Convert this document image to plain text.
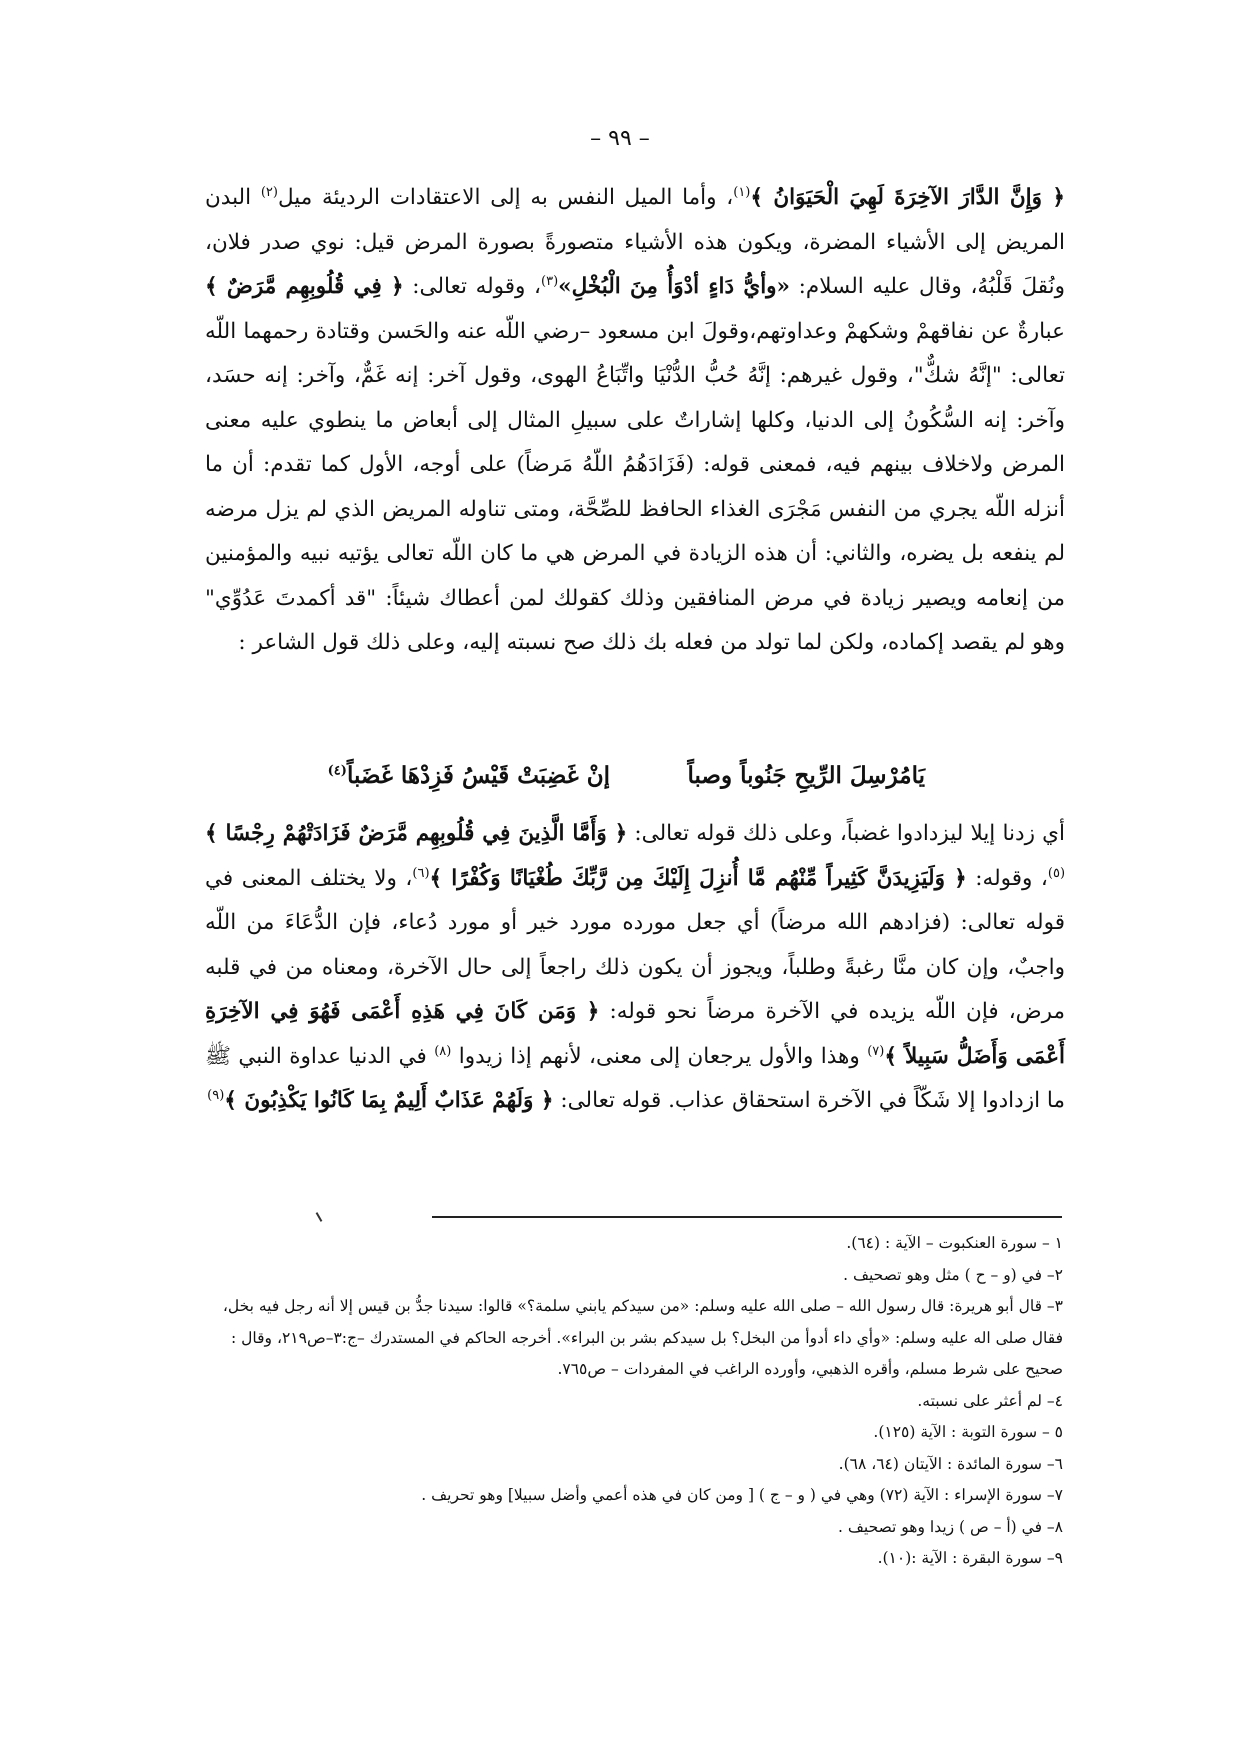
– ٩٩ –
﴿ وَإِنَّ الدَّارَ الآخِرَةَ لَهِيَ الْحَيَوَانُ ﴾$^{(١)}$، وأما الميل النفس به إلى الاعتقادات الرديئة ميل$^{(٢)}$ البدن المريض إلى الأشياء المضرة، ويكون هذه الأشياء متصورةً بصورة المرض قيل: نوي صدر فلان، ونُقلَ قَلْبُهُ، وقال عليه السلام: «وأيُّ دَاءٍ أدْوَأُ مِنَ الْبُخْلِ»$^{(٣)}$، وقوله تعالى: ﴿ فِي قُلُوبِهِم مَّرَضٌ ﴾ عبارةٌ عن نفاقهمْ وشكهمْ وعداوتهم،وقولَ ابن مسعود –رضي اللّه عنه والحَسن وقتادة رحمهما اللّه تعالى: "إنَّهُ شكٌّ"، وقول غيرهم: إنَّهُ حُبُّ الدُّنْيَا واتِّبَاعُ الهوى، وقول آخر: إنه غَمٌّ، وآخر: إنه حسَد، وآخر: إنه السُّكُونُ إلى الدنيا، وكلها إشاراتٌ على سبيلِ المثال إلى أبعاض ما ينطوي عليه معنى المرض ولاخلاف بينهم فيه، فمعنى قوله: (فَزَادَهُمُ اللّهُ مَرضاً) على أوجه، الأول كما تقدم: أن ما أنزله اللّه يجري من النفس مَجْرَى الغذاء الحافظ للصِّحَّة، ومتى تناوله المريض الذي لم يزل مرضه لم ينفعه بل يضره، والثاني: أن هذه الزيادة في المرض هي ما كان اللّه تعالى يؤتيه نبيه والمؤمنين من إنعامه ويصير زيادة في مرض المنافقين وذلك كقولك لمن أعطاك شيئاً: "قد أكمدتَ عَدُوِّي" وهو لم يقصد إكماده، ولكن لما تولد من فعله بك ذلك صح نسبته إليه، وعلى ذلك قول الشاعر :
يَامُرْسِلَ الرِّيحِ جَنُوباً وصباً
إنْ غَضِبَتْ قَيْسُ فَزِدْهَا غَضَباً$^{(٤)}$
أي زدنا إيلا ليزدادوا غضباً، وعلى ذلك قوله تعالى: ﴿ وَأَمَّا الَّذِينَ فِي قُلُوبِهِم مَّرَضٌ فَزَادَتْهُمْ رِجْسًا ﴾$^{(٥)}$، وقوله: ﴿ وَلَيَزِيدَنَّ كَثِيراً مِّنْهُم مَّا أُنزِلَ إِلَيْكَ مِن رَّبِّكَ طُغْيَانًا وَكُفْرًا ﴾$^{(٦)}$، ولا يختلف المعنى في قوله تعالى: (فزادهم الله مرضاً) أي جعل مورده مورد خير أو مورد دُعاء، فإن الدُّعَاءَ من اللّه واجبٌ، وإن كان منَّا رغبةً وطلباً، ويجوز أن يكون ذلك راجعاً إلى حال الآخرة، ومعناه من في قلبه مرض، فإن اللّه يزيده في الآخرة مرضاً نحو قوله: ﴿ وَمَن كَانَ فِي هَذِهِ أَعْمَى فَهُوَ فِي الآخِرَةِ أَعْمَى وَأَضَلُّ سَبِيلاً ﴾$^{(٧)}$ وهذا والأول يرجعان إلى معنى، لأنهم إذا زيدوا $^{(٨)}$ في الدنيا عداوة النبي ﷺ ما ازدادوا إلا شَكّاً في الآخرة استحقاق عذاب. قوله تعالى: ﴿ وَلَهُمْ عَذَابٌ أَلِيمٌ بِمَا كَانُوا يَكْذِبُونَ ﴾$^{(٩)}$

١ – سورة العنكبوت – الآية : (٦٤).

٢– في (و – ح ) مثل وهو تصحيف .

٣– قال أبو هريرة: قال رسول الله – صلى الله عليه وسلم: «من سيدكم يابني سلمة؟» قالوا: سيدنا جدُّ بن قيس إلا أنه رجل فيه بخل، فقال صلى اله عليه وسلم: «وأي داء أدوأ من البخل؟ بل سيدكم بشر بن البراء». أخرجه الحاكم في المستدرك –ج:٣–ص٢١٩، وقال : صحيح على شرط مسلم، وأقره الذهبي، وأورده الراغب في المفردات – ص٧٦٥.

٤– لم أعثر على نسبته.

٥ – سورة التوبة : الآية (١٢٥).

٦– سورة المائدة : الآيتان (٦٤، ٦٨).

٧– سورة الإسراء : الآية (٧٢) وهي في ( و – ج ) [ ومن كان في هذه أعمي وأضل سبيلا] وهو تحريف .

٨– في (أ – ص ) زيدا وهو تصحيف .

٩– سورة البقرة : الآية :(١٠).
